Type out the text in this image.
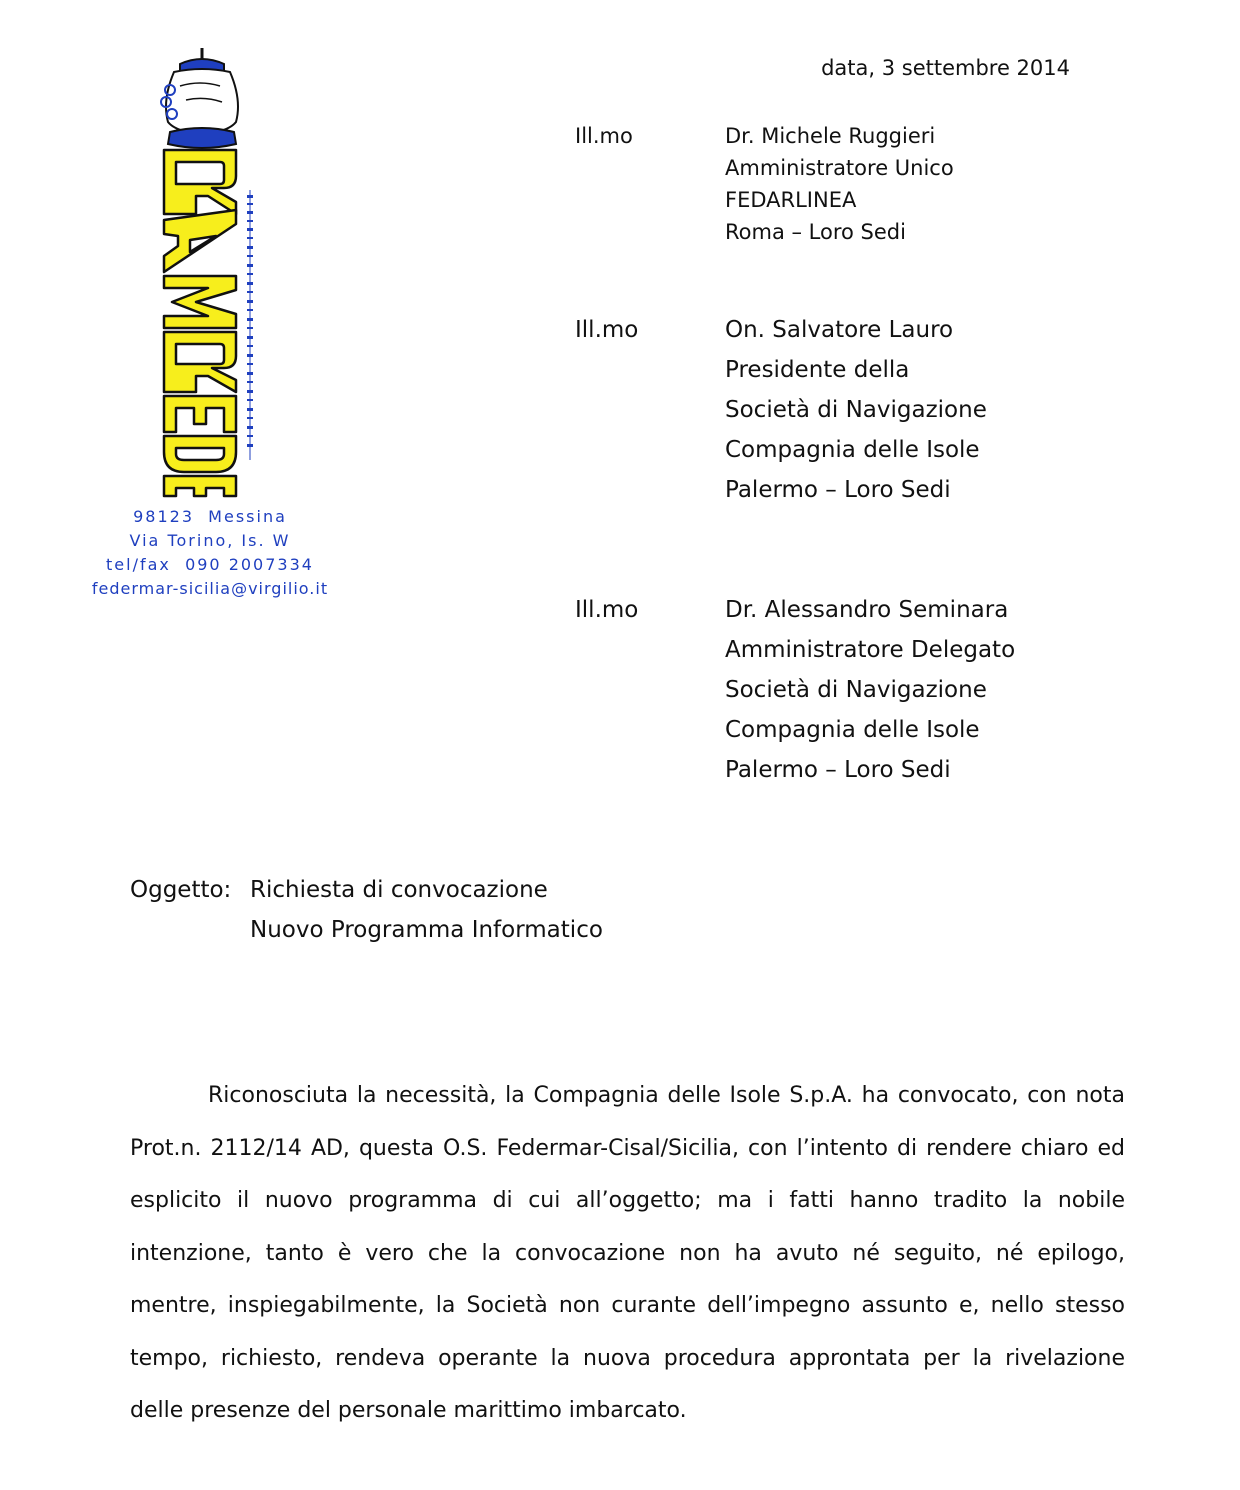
98123  Messina
Via Torino, Is. W
tel/fax  090 2007334
federmar-sicilia@virgilio.it
data, 3 settembre 2014
Ill.mo	Dr. Michele Ruggieri
Amministratore Unico
FEDARLINEA
Roma – Loro Sedi
Ill.mo	On. Salvatore Lauro
Presidente della
Società di Navigazione
Compagnia delle Isole
Palermo – Loro Sedi
Ill.mo	Dr. Alessandro Seminara
Amministratore Delegato
Società di Navigazione
Compagnia delle Isole
Palermo – Loro Sedi
Oggetto: Richiesta di convocazione
Nuovo Programma Informatico

Riconosciuta la necessità, la Compagnia delle Isole S.p.A. ha convocato, con nota Prot.n. 2112/14 AD, questa O.S. Federmar-Cisal/Sicilia, con l’intento di rendere chiaro ed esplicito il nuovo programma di cui all’oggetto; ma i fatti hanno tradito la nobile intenzione, tanto è vero che la convocazione non ha avuto né seguito, né epilogo, mentre, inspiegabilmente, la Società non curante dell’impegno assunto e, nello stesso tempo, richiesto, rendeva operante la nuova procedura approntata per la rivelazione delle presenze del personale marittimo imbarcato.
